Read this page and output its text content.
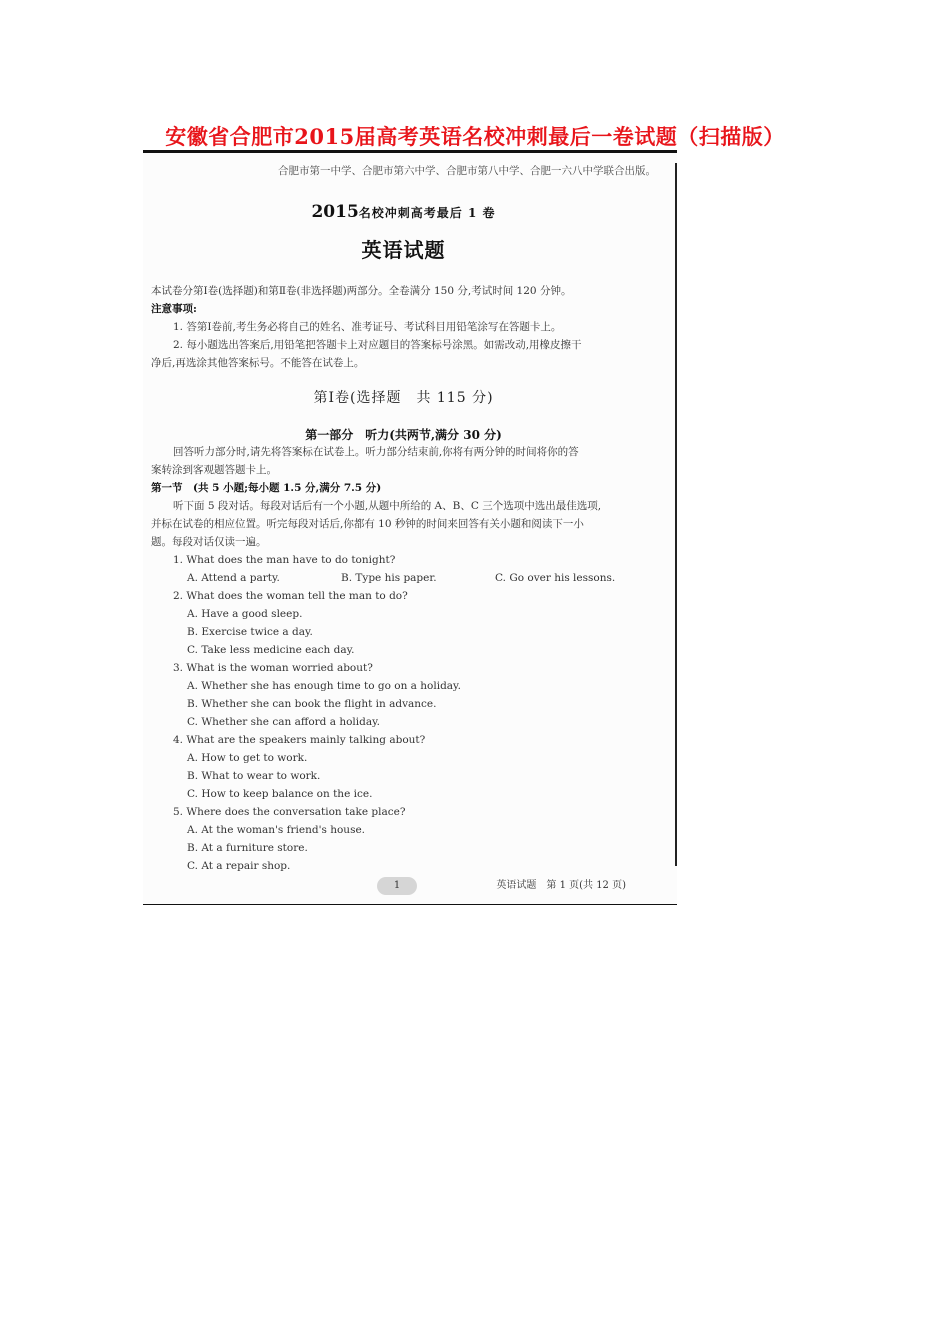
安徽省合肥市2015届高考英语名校冲刺最后一卷试题（扫描版）
合肥市第一中学、合肥市第六中学、合肥市第八中学、合肥一六八中学联合出版。
2015名校冲刺高考最后 1 卷
英语试题
本试卷分第Ⅰ卷(选择题)和第Ⅱ卷(非选择题)两部分。全卷满分 150 分,考试时间 120 分钟。
注意事项:
1. 答第Ⅰ卷前,考生务必将自己的姓名、准考证号、考试科目用铅笔涂写在答题卡上。
2. 每小题选出答案后,用铅笔把答题卡上对应题目的答案标号涂黑。如需改动,用橡皮擦干
净后,再选涂其他答案标号。不能答在试卷上。
第Ⅰ卷(选择题　共 115 分)
第一部分　听力(共两节,满分 30 分)
回答听力部分时,请先将答案标在试卷上。听力部分结束前,你将有两分钟的时间将你的答
案转涂到客观题答题卡上。
第一节　(共 5 小题;每小题 1.5 分,满分 7.5 分)
听下面 5 段对话。每段对话后有一个小题,从题中所给的 A、B、C 三个选项中选出最佳选项,
并标在试卷的相应位置。听完每段对话后,你都有 10 秒钟的时间来回答有关小题和阅读下一小
题。每段对话仅读一遍。
1. What does the man have to do tonight?
A. Attend a party.	B. Type his paper.	C. Go over his lessons.
2. What does the woman tell the man to do?
A. Have a good sleep.
B. Exercise twice a day.
C. Take less medicine each day.
3. What is the woman worried about?
A. Whether she has enough time to go on a holiday.
B. Whether she can book the flight in advance.
C. Whether she can afford a holiday.
4. What are the speakers mainly talking about?
A. How to get to work.
B. What to wear to work.
C. How to keep balance on the ice.
5. Where does the conversation take place?
A. At the woman's friend's house.
B. At a furniture store.
C. At a repair shop.
1	英语试题　第 1 页(共 12 页)
